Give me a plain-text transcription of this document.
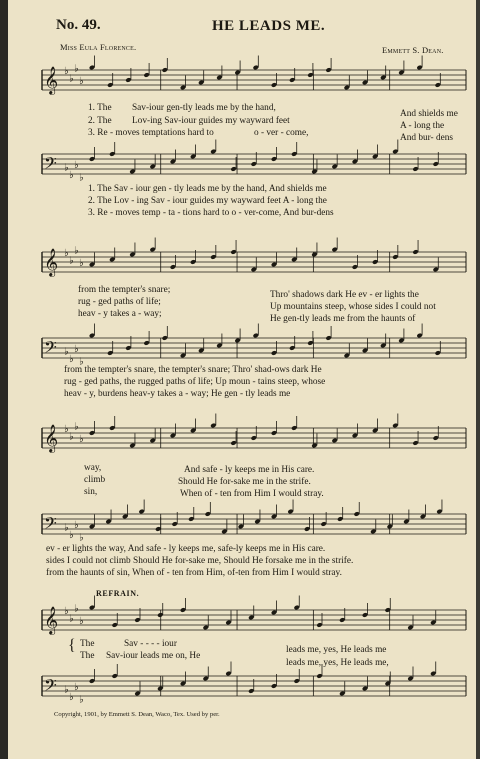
No. 49.	HE LEADS ME.
Miss Eula Florence.	Emmett S. Dean.
𝄞 ♭
♭
♭
♭
1. The Sav-iour gen-tly leads me by the hand,
And shields me
2. The Lov-ing Sav-iour guides my wayward feet	A - long the
3. Re - moves temptations hard to	o - ver - come,	And bur- dens
𝄢 ♭
♭
♭
♭
1. The Sav - iour gen - tly leads me by the hand, And shields me
2. The Lov - ing Sav - iour guides my wayward feet A - long the
3. Re - moves temp - ta - tions hard to o - ver-come, And bur-dens
𝄞 ♭
♭
♭
♭
from the tempter's snare;	Thro' shadows dark He ev - er lights the
rug - ged paths of life;	Up mountains steep, whose sides I could not
heav - y takes a - way;	He gen-tly leads me from the haunts of
𝄢 ♭
♭
♭
♭
from the tempter's snare, the tempter's snare; Thro' shad-ows dark He
rug - ged paths, the rugged paths of life; Up moun - tains steep, whose
heav - y, burdens heav-y takes a - way; He gen - tly leads me
𝄞 ♭
♭
♭
♭
way,	And safe - ly keeps me in His care.
climb	Should He for-sake me in the strife.
sin,	When of - ten from Him I would stray.
𝄢 ♭
♭
♭
♭
ev - er lights the way, And safe - ly keeps me, safe-ly keeps me in His care.
sides I could not climb Should He for-sake me, Should He forsake me in the strife.
from the haunts of sin, When of - ten from Him, of-ten from Him I would stray.
REFRAIN.
𝄞 ♭
♭
♭
♭
{ The	Sav - - - - iour
leads me, yes, He leads me
The Sav-iour leads me on, He
leads me, yes, He leads me,
𝄢 ♭
♭
♭
♭
Copyright, 1901, by Emmett S. Dean, Waco, Tex. Used by per.
